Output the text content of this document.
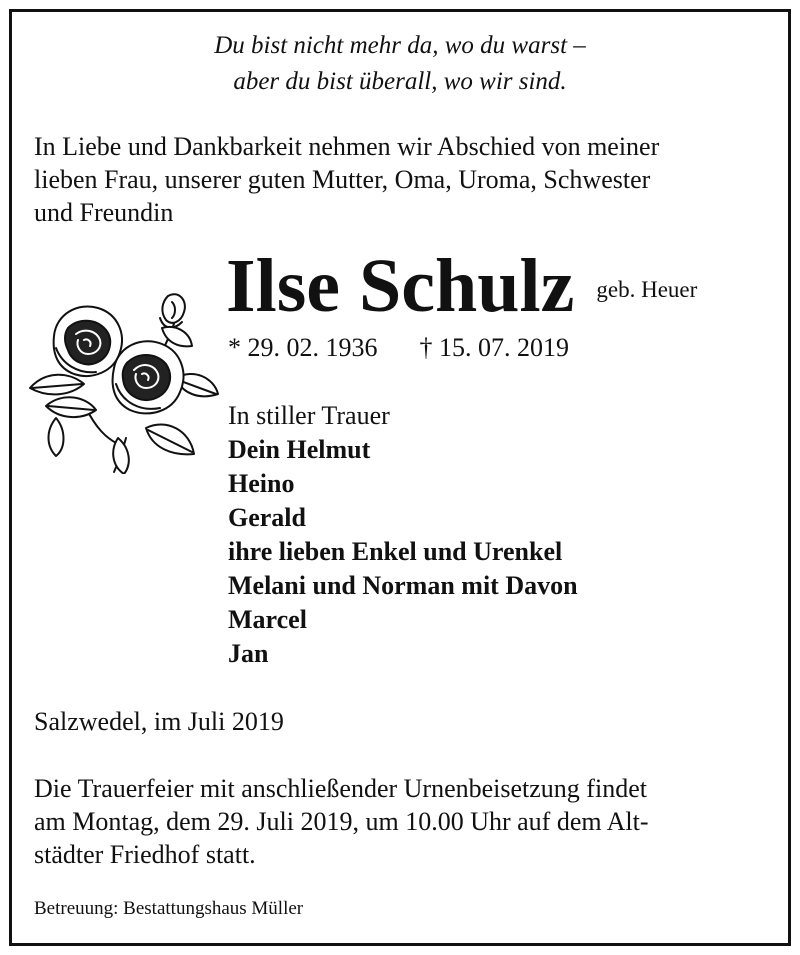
Du bist nicht mehr da, wo du warst –
aber du bist überall, wo wir sind.
In Liebe und Dankbarkeit nehmen wir Abschied von meiner
lieben Frau, unserer guten Mutter, Oma, Uroma, Schwester
und Freundin
Ilse Schulz geb. Heuer
* 29. 02. 1936 † 15. 07. 2019
In stiller Trauer
Dein Helmut
Heino
Gerald
ihre lieben Enkel und Urenkel
Melani und Norman mit Davon
Marcel
Jan
Salzwedel, im Juli 2019
Die Trauerfeier mit anschließender Urnenbeisetzung findet
am Montag, dem 29. Juli 2019, um 10.00 Uhr auf dem Alt-
städter Friedhof statt.
Betreuung: Bestattungshaus Müller
